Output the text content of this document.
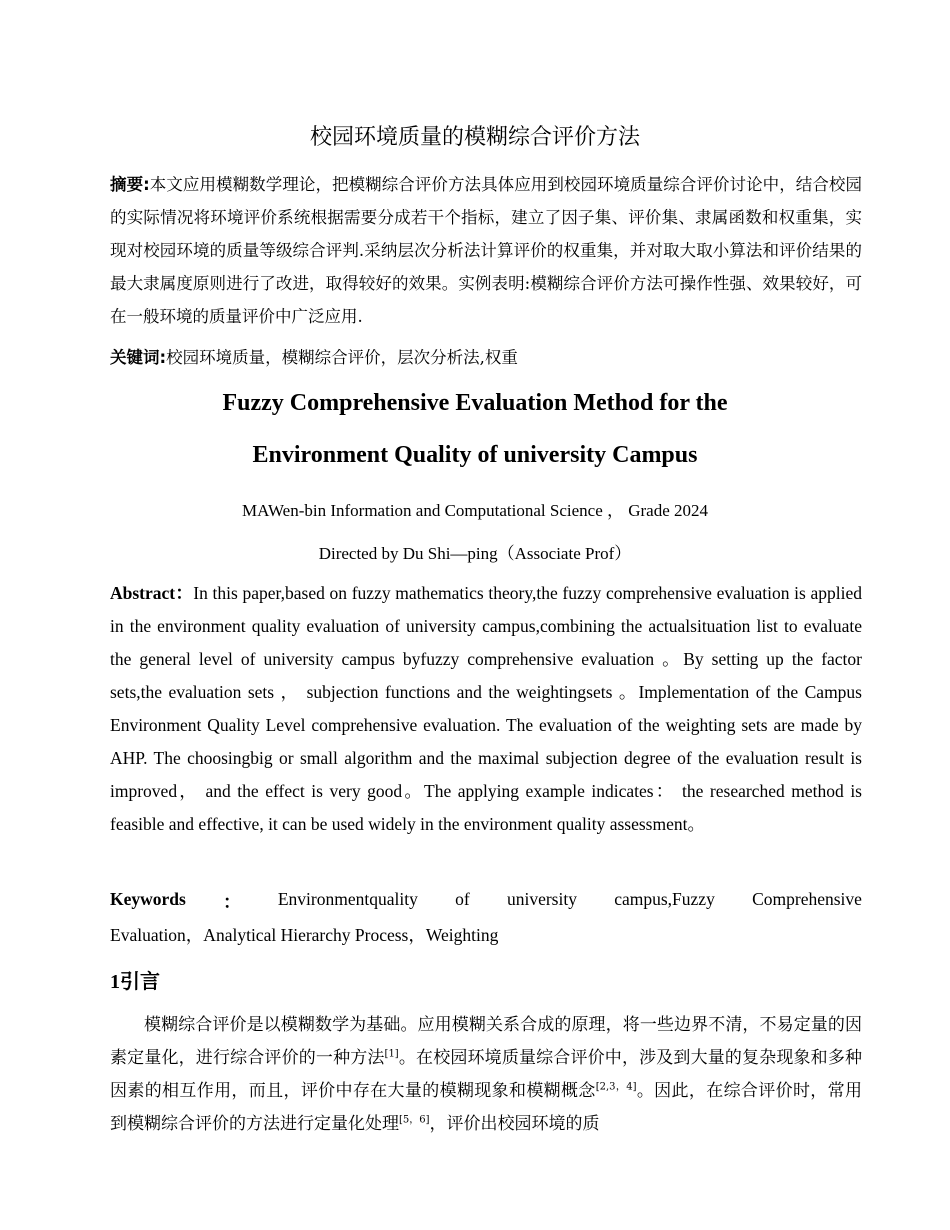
校园环境质量的模糊综合评价方法
摘要:本文应用模糊数学理论，把模糊综合评价方法具体应用到校园环境质量综合评价讨论中，结合校园的实际情况将环境评价系统根据需要分成若干个指标，建立了因子集、评价集、隶属函数和权重集，实现对校园环境的质量等级综合评判.采纳层次分析法计算评价的权重集，并对取大取小算法和评价结果的最大隶属度原则进行了改进，取得较好的效果。实例表明:模糊综合评价方法可操作性强、效果较好，可在一般环境的质量评价中广泛应用.
关键词:校园环境质量，模糊综合评价，层次分析法,权重
Fuzzy Comprehensive Evaluation Method for the
Environment Quality of university Campus
MAWen-bin Information and Computational Science ， Grade 2024
Directed by Du Shi—ping（Associate Prof）
Abstract：In this paper,based on fuzzy mathematics theory,the fuzzy comprehensive evaluation is applied in the environment quality evaluation of university campus,combining the actualsituation list to evaluate the general level of university campus byfuzzy comprehensive evaluation 。By setting up the factor sets,the evaluation sets ， subjection functions and the weightingsets 。Implementation of the Campus Environment Quality Level comprehensive evaluation. The evaluation of the weighting sets are made by AHP. The choosingbig or small algorithm and the maximal subjection degree of the evaluation result is improved， and the effect is very good。The applying example indicates： the researched method is feasible and effective, it can be used widely in the environment quality assessment。
Keywords ： Environmentquality of university campus,Fuzzy Comprehensive
Evaluation，Analytical Hierarchy Process，Weighting
1引言
模糊综合评价是以模糊数学为基础。应用模糊关系合成的原理，将一些边界不清，不易定量的因素定量化，进行综合评价的一种方法[1]。在校园环境质量综合评价中，涉及到大量的复杂现象和多种因素的相互作用，而且，评价中存在大量的模糊现象和模糊概念[2,3，4]。因此，在综合评价时，常用到模糊综合评价的方法进行定量化处理[5，6]，评价出校园环境的质
